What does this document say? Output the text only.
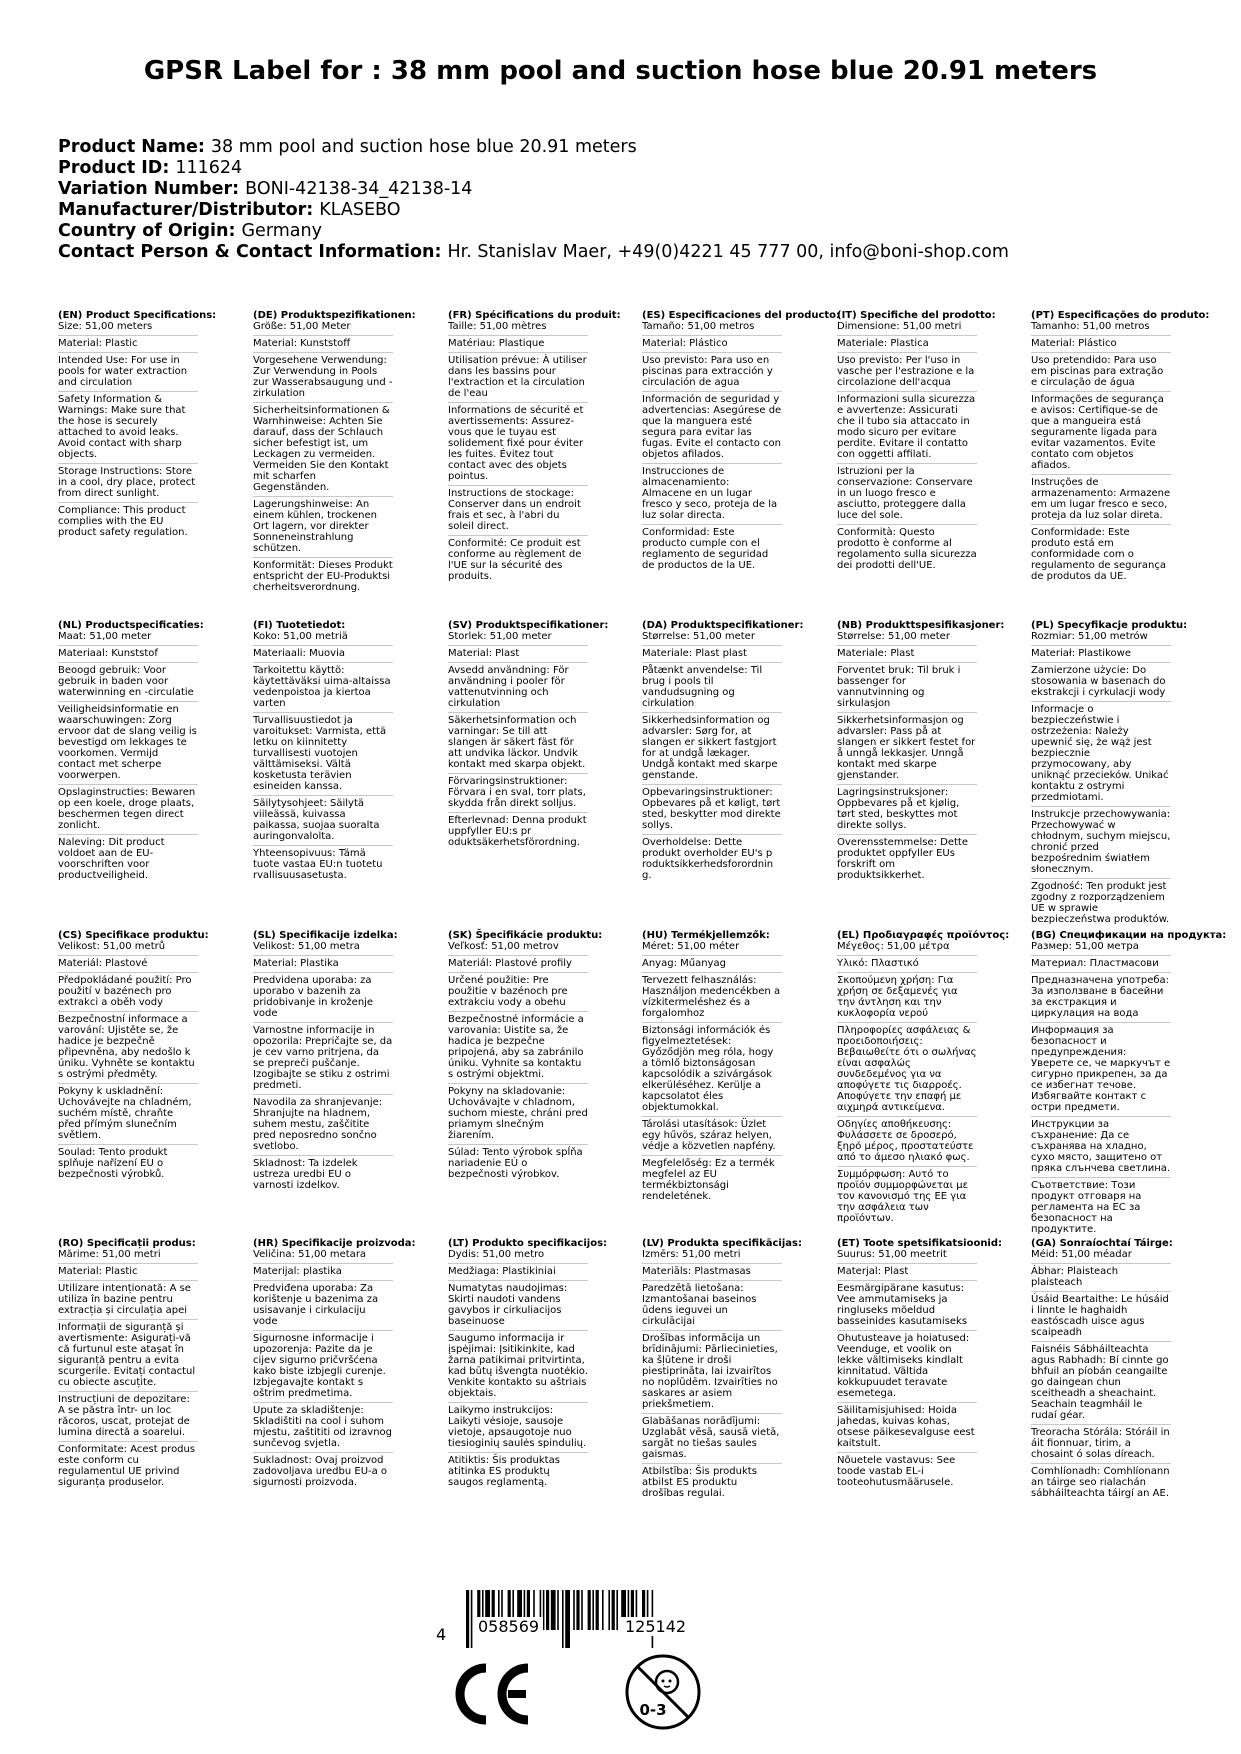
GPSR Label for : 38 mm pool and suction hose blue 20.91 meters
Product Name: 38 mm pool and suction hose blue 20.91 meters
Product ID: 111624
Variation Number: BONI-42138-34_42138-14
Manufacturer/Distributor: KLASEBO
Country of Origin: Germany
Contact Person & Contact Information: Hr. Stanislav Maer, +49(0)4221 45 777 00, info@boni-shop.com
(EN) Product Specifications:
Size: 51,00 meters
Material: Plastic
Intended Use: For use in pools for water extraction and circulation
Safety Information & Warnings: Make sure that the hose is securely attached to avoid leaks. Avoid contact with sharp objects.
Storage Instructions: Store in a cool, dry place, protect from direct sunlight.
Compliance: This product complies with the EU product safety regulation.
(DE) Produktspezifikationen:
Größe: 51,00 Meter
Material: Kunststoff
Vorgesehene Verwendung: Zur Verwendung in Pools zur Wasserabsaugung und -zirkulation
Sicherheitsinformationen & Warnhinweise: Achten Sie darauf, dass der Schlauch sicher befestigt ist, um Leckagen zu vermeiden. Vermeiden Sie den Kontakt mit scharfen Gegenständen.
Lagerungshinweise: An einem kühlen, trockenen Ort lagern, vor direkter Sonneneinstrahlung schützen.
Konformität: Dieses Produkt entspricht der EU-Produktsi cherheitsverordnung.
(FR) Spécifications du produit:
Taille: 51,00 mètres
Matériau: Plastique
Utilisation prévue: À utiliser dans les bassins pour l'extraction et la circulation de l'eau
Informations de sécurité et avertissements: Assurez-vous que le tuyau est solidement fixé pour éviter les fuites. Évitez tout contact avec des objets pointus.
Instructions de stockage: Conserver dans un endroit frais et sec, à l'abri du soleil direct.
Conformité: Ce produit est conforme au règlement de l'UE sur la sécurité des produits.
(ES) Especificaciones del producto:
Tamaño: 51,00 metros
Material: Plástico
Uso previsto: Para uso en piscinas para extracción y circulación de agua
Información de seguridad y advertencias: Asegúrese de que la manguera esté segura para evitar las fugas. Evite el contacto con objetos afilados.
Instrucciones de almacenamiento: Almacene en un lugar fresco y seco, proteja de la luz solar directa.
Conformidad: Este producto cumple con el reglamento de seguridad de productos de la UE.
(IT) Specifiche del prodotto:
Dimensione: 51,00 metri
Materiale: Plastica
Uso previsto: Per l'uso in vasche per l'estrazione e la circolazione dell'acqua
Informazioni sulla sicurezza e avvertenze: Assicurati che il tubo sia attaccato in modo sicuro per evitare perdite. Evitare il contatto con oggetti affilati.
Istruzioni per la conservazione: Conservare in un luogo fresco e asciutto, proteggere dalla luce del sole.
Conformità: Questo prodotto è conforme al regolamento sulla sicurezza dei prodotti dell'UE.
(PT) Especificações do produto:
Tamanho: 51,00 metros
Material: Plástico
Uso pretendido: Para uso em piscinas para extração e circulação de água
Informações de segurança e avisos: Certifique-se de que a mangueira está seguramente ligada para evitar vazamentos. Evite contato com objetos afiados.
Instruções de armazenamento: Armazene em um lugar fresco e seco, proteja da luz solar direta.
Conformidade: Este produto está em conformidade com o regulamento de segurança de produtos da UE.
(NL) Productspecificaties:
Maat: 51,00 meter
Materiaal: Kunststof
Beoogd gebruik: Voor gebruik in baden voor waterwinning en -circulatie
Veiligheidsinformatie en waarschuwingen: Zorg ervoor dat de slang veilig is bevestigd om lekkages te voorkomen. Vermijd contact met scherpe voorwerpen.
Opslaginstructies: Bewaren op een koele, droge plaats, beschermen tegen direct zonlicht.
Naleving: Dit product voldoet aan de EU-voorschriften voor productveiligheid.
(FI) Tuotetiedot:
Koko: 51,00 metriä
Materiaali: Muovia
Tarkoitettu käyttö: käytettäväksi uima-altaissa vedenpoistoa ja kiertoa varten
Turvallisuustiedot ja varoitukset: Varmista, että letku on kiinnitetty turvallisesti vuotojen välttämiseksi. Vältä kosketusta terävien esineiden kanssa.
Säilytysohjeet: Säilytä viileässä, kuivassa paikassa, suojaa suoralta auringonvalolta.
Yhteensopivuus: Tämä tuote vastaa EU:n tuotetu rvallisuusasetusta.
(SV) Produktspecifikationer:
Storlek: 51,00 meter
Material: Plast
Avsedd användning: För användning i pooler för vattenutvinning och cirkulation
Säkerhetsinformation och varningar: Se till att slangen är säkert fäst för att undvika läckor. Undvik kontakt med skarpa objekt.
Förvaringsinstruktioner: Förvara i en sval, torr plats, skydda från direkt solljus.
Efterlevnad: Denna produkt uppfyller EU:s pr oduktsäkerhetsförordning.
(DA) Produktspecifikationer:
Størrelse: 51,00 meter
Materiale: Plast plast
Påtænkt anvendelse: Til brug i pools til vandudsugning og cirkulation
Sikkerhedsinformation og advarsler: Sørg for, at slangen er sikkert fastgjort for at undgå lækager. Undgå kontakt med skarpe genstande.
Opbevaringsinstruktioner: Opbevares på et køligt, tørt sted, beskytter mod direkte sollys.
Overholdelse: Dette produkt overholder EU's p roduktsikkerhedsforordnin g.
(NB) Produkttspesifikasjoner:
Størrelse: 51,00 meter
Materiale: Plast
Forventet bruk: Til bruk i bassenger for vannutvinning og sirkulasjon
Sikkerhetsinformasjon og advarsler: Pass på at slangen er sikkert festet for å unngå lekkasjer. Unngå kontakt med skarpe gjenstander.
Lagringsinstruksjoner: Oppbevares på et kjølig, tørt sted, beskyttes mot direkte sollys.
Overensstemmelse: Dette produktet oppfyller EUs forskrift om produktsikkerhet.
(PL) Specyfikacje produktu:
Rozmiar: 51,00 metrów
Materiał: Plastikowe
Zamierzone użycie: Do stosowania w basenach do ekstrakcji i cyrkulacji wody
Informacje o bezpieczeństwie i ostrzeżenia: Należy upewnić się, że wąż jest bezpiecznie przymocowany, aby uniknąć przecieków. Unikać kontaktu z ostrymi przedmiotami.
Instrukcje przechowywania: Przechowywać w chłodnym, suchym miejscu, chronić przed bezpośrednim światłem słonecznym.
Zgodność: Ten produkt jest zgodny z rozporządzeniem UE w sprawie bezpieczeństwa produktów.
(CS) Specifikace produktu:
Velikost: 51,00 metrů
Materiál: Plastové
Předpokládané použití: Pro použití v bazénech pro extrakci a oběh vody
Bezpečnostní informace a varování: Ujistěte se, že hadice je bezpečně připevněna, aby nedošlo k úniku. Vyhněte se kontaktu s ostrými předměty.
Pokyny k uskladnění: Uchovávejte na chladném, suchém místě, chraňte před přímým slunečním světlem.
Soulad: Tento produkt splňuje nařízení EU o bezpečnosti výrobků.
(SL) Specifikacije izdelka:
Velikost: 51,00 metra
Material: Plastika
Predvidena uporaba: za uporabo v bazenih za pridobivanje in kroženje vode
Varnostne informacije in opozorila: Prepričajte se, da je cev varno pritrjena, da se prepreči puščanje. Izogibajte se stiku z ostrimi predmeti.
Navodila za shranjevanje: Shranjujte na hladnem, suhem mestu, zaščitite pred neposredno sončno svetlobo.
Skladnost: Ta izdelek ustreza uredbi EU o varnosti izdelkov.
(SK) Špecifikácie produktu:
Veľkosť: 51,00 metrov
Materiál: Plastové profily
Určené použitie: Pre použitie v bazénoch pre extrakciu vody a obehu
Bezpečnostné informácie a varovania: Uistite sa, že hadica je bezpečne pripojená, aby sa zabránilo úniku. Vyhnite sa kontaktu s ostrými objektmi.
Pokyny na skladovanie: Uchovávajte v chladnom, suchom mieste, chráni pred priamym slnečným žiarením.
Súlad: Tento výrobok spĺňa nariadenie EÚ o bezpečnosti výrobkov.
(HU) Termékjellemzők:
Méret: 51,00 méter
Anyag: Műanyag
Tervezett felhasználás: Használjon medencékben a vízkitermeléshez és a forgalomhoz
Biztonsági információk és figyelmeztetések: Győződjön meg róla, hogy a tömlő biztonságosan kapcsolódik a szivárgások elkerüléséhez. Kerülje a kapcsolatot éles objektumokkal.
Tárolási utasítások: Üzlet egy hűvös, száraz helyen, védje a közvetlen napfény.
Megfelelőség: Ez a termék megfelel az EU termékbiztonsági rendeletének.
(EL) Προδιαγραφές προϊόντος:
Μέγεθος: 51,00 μέτρα
Υλικό: Πλαστικό
Σκοπούμενη χρήση: Για χρήση σε δεξαμενές για την άντληση και την κυκλοφορία νερού
Πληροφορίες ασφάλειας & προειδοποιήσεις: Βεβαιωθείτε ότι ο σωλήνας είναι ασφαλώς συνδεδεμένος για να αποφύγετε τις διαρροές. Αποφύγετε την επαφή με αιχμηρά αντικείμενα.
Οδηγίες αποθήκευσης: Φυλάσσετε σε δροσερό, ξηρό μέρος, προστατεύστε από το άμεσο ηλιακό φως.
Συμμόρφωση: Αυτό το προϊόν συμμορφώνεται με τον κανονισμό της ΕΕ για την ασφάλεια των προϊόντων.
(BG) Спецификации на продукта:
Размер: 51,00 метра
Материал: Пластмасови
Предназначена употреба: За използване в басейни за екстракция и циркулация на вода
Информация за безопасност и предупреждения: Уверете се, че маркучът е сигурно прикрепен, за да се избегнат течове. Избягвайте контакт с остри предмети.
Инструкции за съхранение: Да се съхранява на хладно, сухо място, защитено от пряка слънчева светлина.
Съответствие: Този продукт отговаря на регламента на ЕС за безопасност на продуктите.
(RO) Specificații produs:
Mărime: 51,00 metri
Material: Plastic
Utilizare intenționată: A se utiliza în bazine pentru extracția și circulația apei
Informații de siguranță și avertismente: Asigurați-vă că furtunul este atașat în siguranță pentru a evita scurgerile. Evitați contactul cu obiecte ascuțite.
Instrucțiuni de depozitare: A se păstra într- un loc răcoros, uscat, protejat de lumina directă a soarelui.
Conformitate: Acest produs este conform cu regulamentul UE privind siguranța produselor.
(HR) Specifikacije proizvoda:
Veličina: 51,00 metara
Materijal: plastika
Predviđena uporaba: Za korištenje u bazenima za usisavanje i cirkulaciju vode
Sigurnosne informacije i upozorenja: Pazite da je cijev sigurno pričvršćena kako biste izbjegli curenje. Izbjegavajte kontakt s oštrim predmetima.
Upute za skladištenje: Skladištiti na cool i suhom mjestu, zaštititi od izravnog sunčevog svjetla.
Sukladnost: Ovaj proizvod zadovoljava uredbu EU-a o sigurnosti proizvoda.
(LT) Produkto specifikacijos:
Dydis: 51,00 metro
Medžiaga: Plastikiniai
Numatytas naudojimas: Skirti naudoti vandens gavybos ir cirkuliacijos baseinuose
Saugumo informacija ir įspėjimai: Įsitikinkite, kad žarna patikimai pritvirtinta, kad būtų išvengta nuotėkio. Venkite kontakto su aštriais objektais.
Laikymo instrukcijos: Laikyti vėsioje, sausoje vietoje, apsaugotoje nuo tiesioginių saulės spindulių.
Atitiktis: Šis produktas atitinka ES produktų saugos reglamentą.
(LV) Produkta specifikācijas:
Izmērs: 51,00 metri
Materiāls: Plastmasas
Paredzētā lietošana: Izmantošanai baseinos ūdens ieguvei un cirkulācijai
Drošības informācija un brīdinājumi: Pārliecinieties, ka šļūtene ir droši piestiprināta, lai izvairītos no noplūdēm. Izvairīties no saskares ar asiem priekšmetiem.
Glabāšanas norādījumi: Uzglabāt vēsā, sausā vietā, sargāt no tiešas saules gaismas.
Atbilstība: Šis produkts atbilst ES produktu drošības regulai.
(ET) Toote spetsifikatsioonid:
Suurus: 51,00 meetrit
Materjal: Plast
Eesmärgipärane kasutus: Vee ammutamiseks ja ringluseks mõeldud basseinides kasutamiseks
Ohutusteave ja hoiatused: Veenduge, et voolik on lekke vältimiseks kindlalt kinnitatud. Vältida kokkupuudet teravate esemetega.
Säilitamisjuhised: Hoida jahedas, kuivas kohas, otsese päikesevalguse eest kaitstult.
Nõuetele vastavus: See toode vastab EL-i tooteohutusmäärusele.
(GA) Sonraíochtaí Táirge:
Méid: 51,00 méadar
Ábhar: Plaisteach plaisteach
Úsáid Beartaithe: Le húsáid i linnte le haghaidh eastóscadh uisce agus scaipeadh
Faisnéis Sábháilteachta agus Rabhadh: Bí cinnte go bhfuil an píobán ceangailte go daingean chun sceitheadh a sheachaint. Seachain teagmháil le rudaí géar.
Treoracha Stórála: Stóráil in áit fionnuar, tirim, a chosaint ó solas díreach.
Comhlíonadh: Comhlíonann an táirge seo rialachán sábháilteachta táirgí an AE.
4 058569	125142
0-3
